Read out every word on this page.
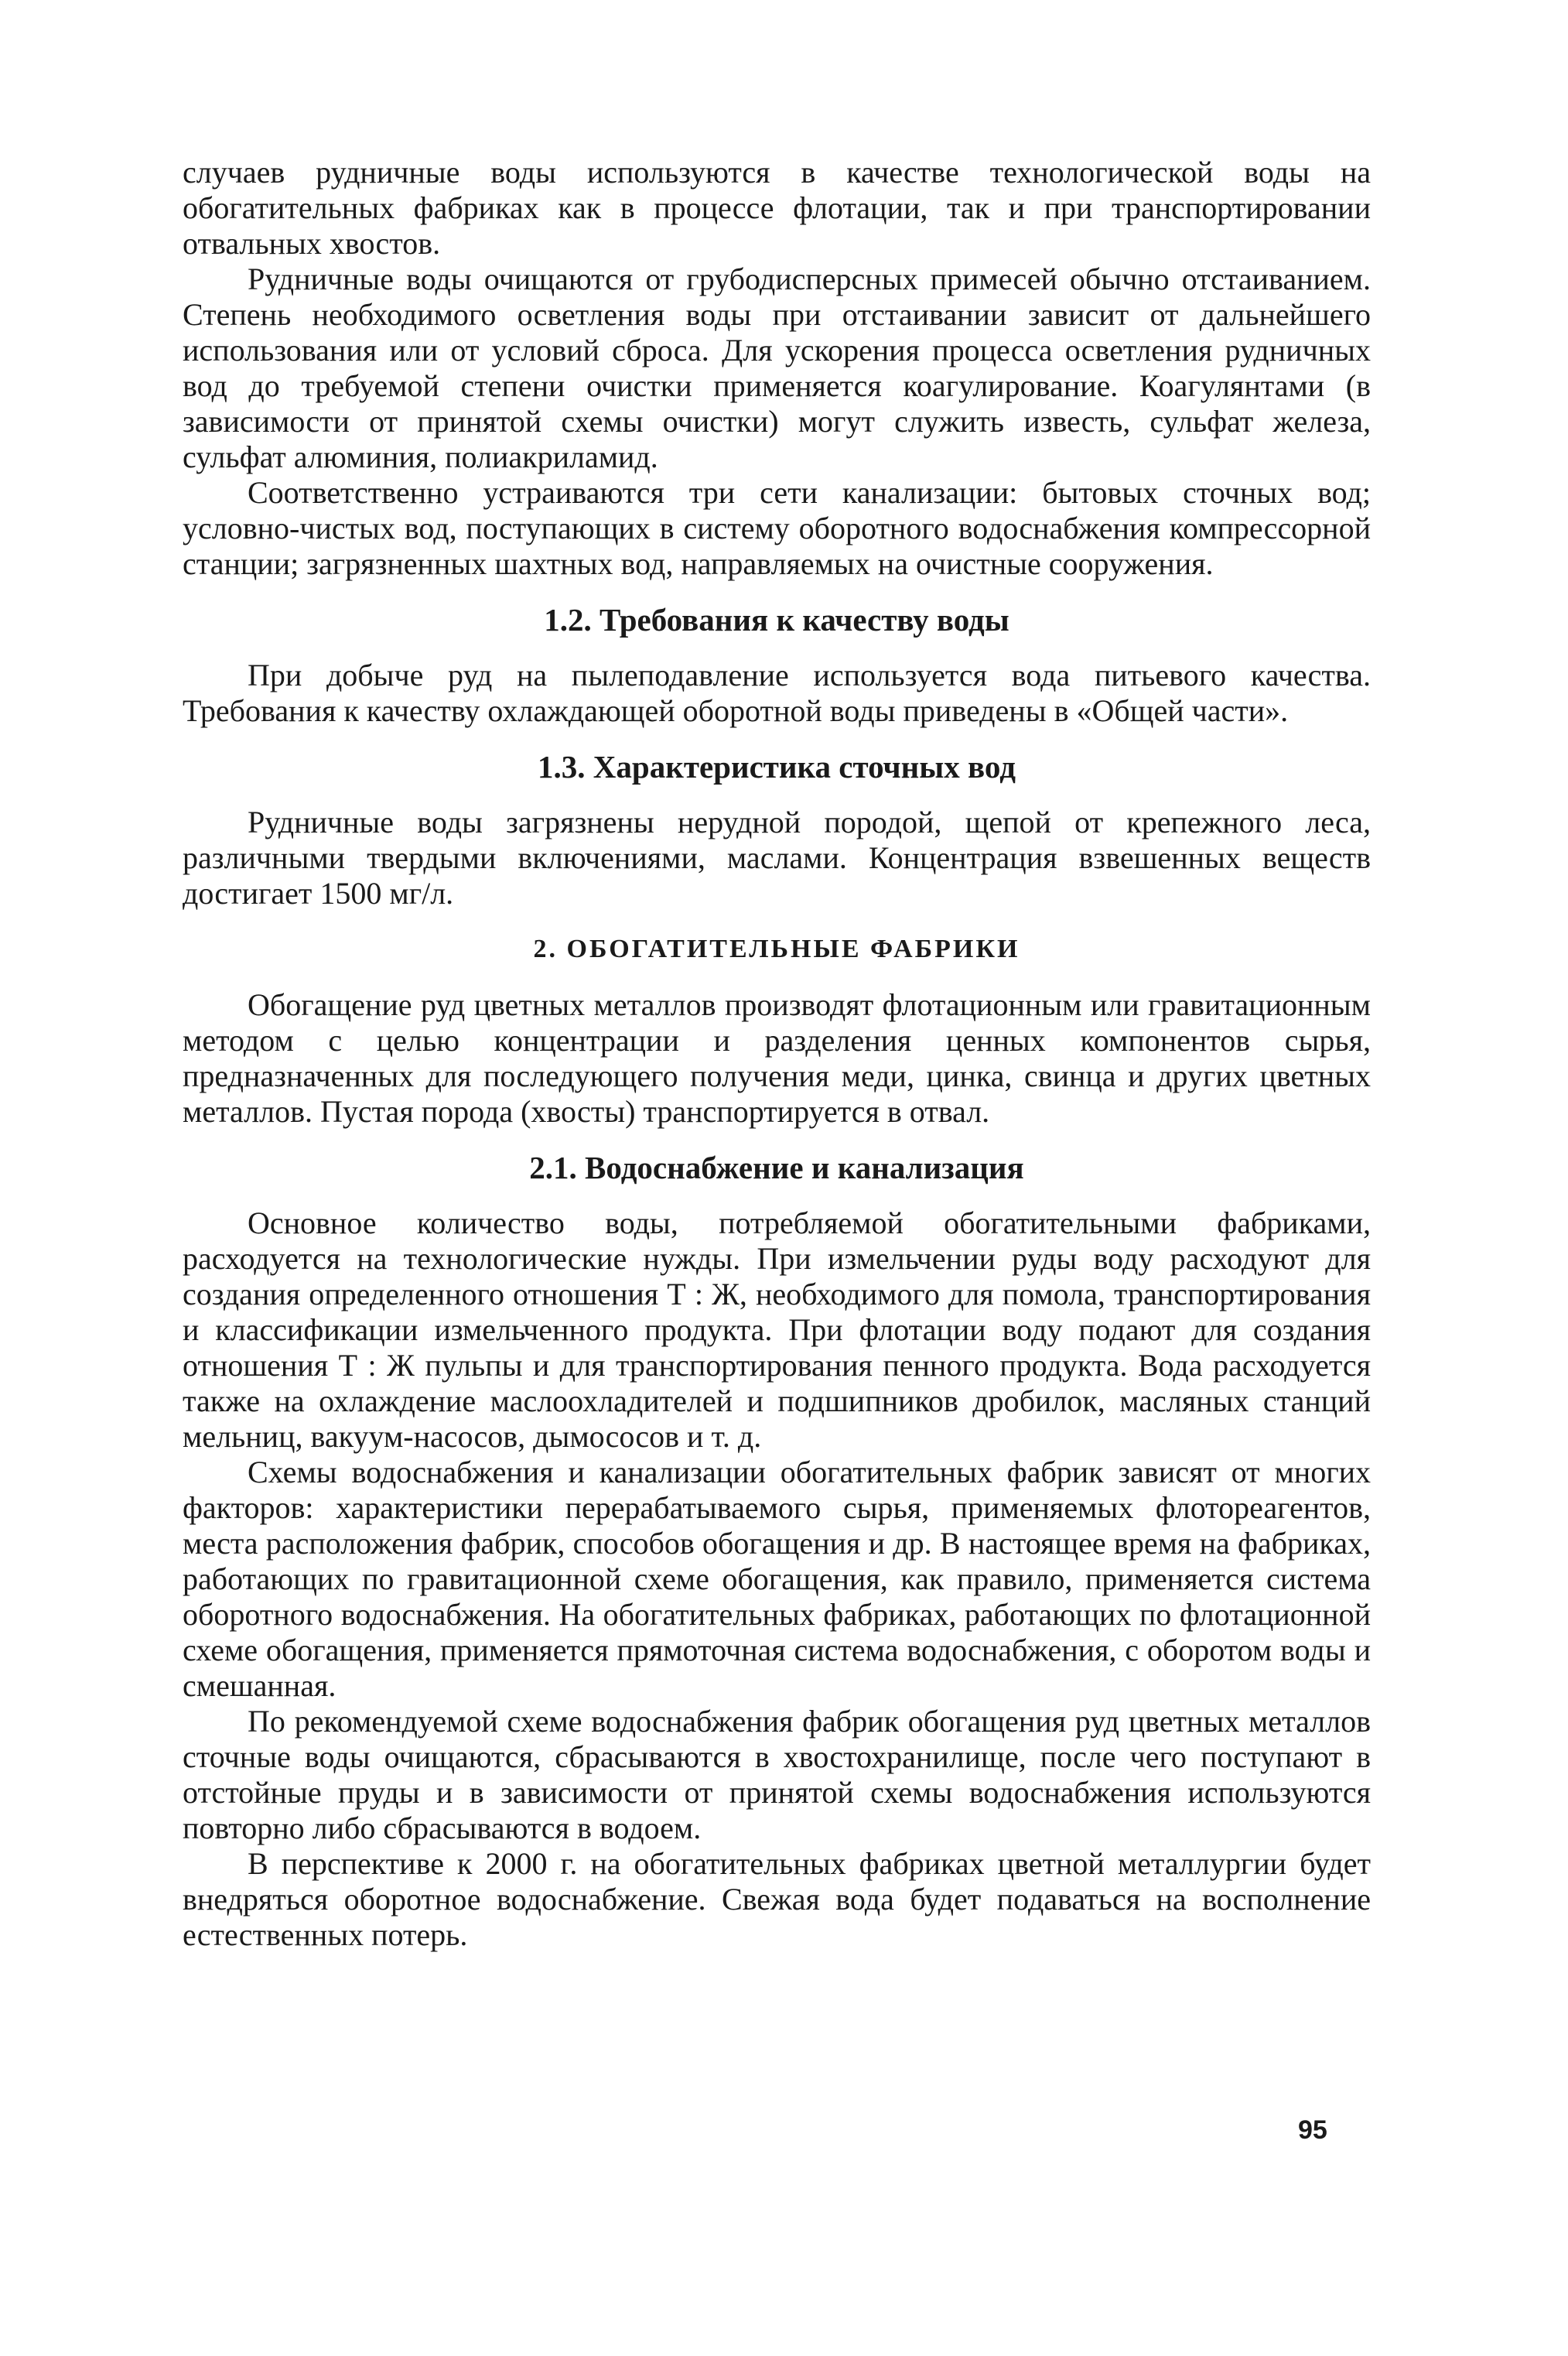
случаев рудничные воды используются в качестве технологической воды на обогатительных фабриках как в процессе флотации, так и при транспортировании отвальных хвостов.

Рудничные воды очищаются от грубодисперсных примесей обычно отстаиванием. Степень необходимого осветления воды при отстаивании зависит от дальнейшего использования или от условий сброса. Для ускорения процесса осветления рудничных вод до требуемой степени очистки применяется коагулирование. Коагулянтами (в зависимости от принятой схемы очистки) могут служить известь, сульфат железа, сульфат алюминия, полиакриламид.

Соответственно устраиваются три сети канализации: бытовых сточных вод; условно-чистых вод, поступающих в систему оборотного водоснабжения компрессорной станции; загрязненных шахтных вод, направляемых на очистные сооружения.

1.2. Требования к качеству воды

При добыче руд на пылеподавление используется вода питьевого качества. Требования к качеству охлаждающей оборотной воды приведены в «Общей части».

1.3. Характеристика сточных вод

Рудничные воды загрязнены нерудной породой, щепой от крепежного леса, различными твердыми включениями, маслами. Концентрация взвешенных веществ достигает 1500 мг/л.

2. ОБОГАТИТЕЛЬНЫЕ ФАБРИКИ

Обогащение руд цветных металлов производят флотационным или гравитационным методом с целью концентрации и разделения ценных компонентов сырья, предназначенных для последующего получения меди, цинка, свинца и других цветных металлов. Пустая порода (хвосты) транспортируется в отвал.

2.1. Водоснабжение и канализация

Основное количество воды, потребляемой обогатительными фабриками, расходуется на технологические нужды. При измельчении руды воду расходуют для создания определенного отношения Т : Ж, необходимого для помола, транспортирования и классификации измельченного продукта. При флотации воду подают для создания отношения Т : Ж пульпы и для транспортирования пенного продукта. Вода расходуется также на охлаждение маслоохладителей и подшипников дробилок, масляных станций мельниц, вакуум-насосов, дымососов и т. д.

Схемы водоснабжения и канализации обогатительных фабрик зависят от многих факторов: характеристики перерабатываемого сырья, применяемых флотореагентов, места расположения фабрик, способов обогащения и др. В настоящее время на фабриках, работающих по гравитационной схеме обогащения, как правило, применяется система оборотного водоснабжения. На обогатительных фабриках, работающих по флотационной схеме обогащения, применяется прямоточная система водоснабжения, с оборотом воды и смешанная.

По рекомендуемой схеме водоснабжения фабрик обогащения руд цветных металлов сточные воды очищаются, сбрасываются в хвостохранилище, после чего поступают в отстойные пруды и в зависимости от принятой схемы водоснабжения используются повторно либо сбрасываются в водоем.

В перспективе к 2000 г. на обогатительных фабриках цветной металлургии будет внедряться оборотное водоснабжение. Свежая вода будет подаваться на восполнение естественных потерь.

95
